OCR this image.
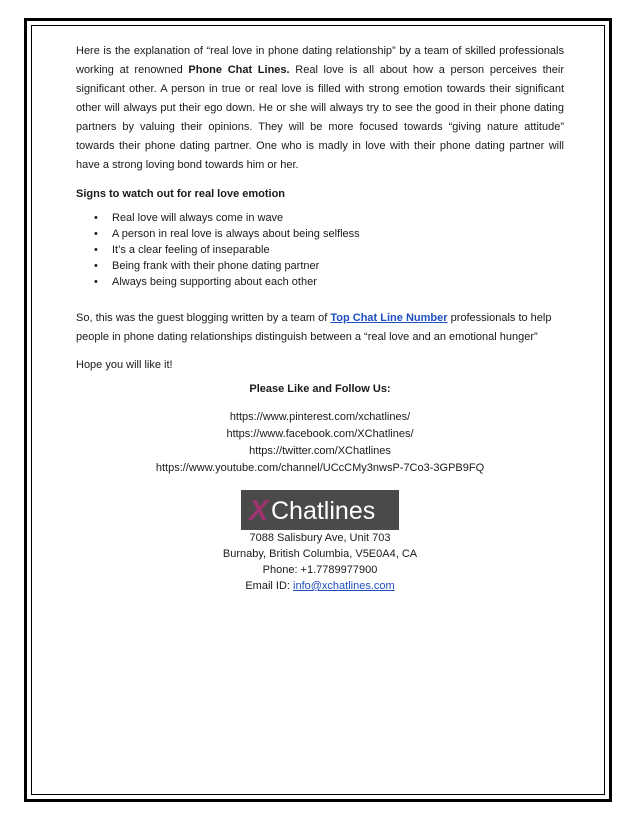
Here is the explanation of “real love in phone dating relationship” by a team of skilled professionals working at renowned Phone Chat Lines. Real love is all about how a person perceives their significant other. A person in true or real love is filled with strong emotion towards their significant other will always put their ego down. He or she will always try to see the good in their phone dating partners by valuing their opinions. They will be more focused towards “giving nature attitude” towards their phone dating partner. One who is madly in love with their phone dating partner will have a strong loving bond towards him or her.

Signs to watch out for real love emotion

• Real love will always come in wave
• A person in real love is always about being selfless
• It’s a clear feeling of inseparable
• Being frank with their phone dating partner
• Always being supporting about each other

So, this was the guest blogging written by a team of Top Chat Line Number professionals to help people in phone dating relationships distinguish between a “real love and an emotional hunger”

Hope you will like it!

Please Like and Follow Us:

https://www.pinterest.com/xchatlines/

https://www.facebook.com/XChatlines/

https://twitter.com/XChatlines

https://www.youtube.com/channel/UCcCMy3nwsP-7Co3-3GPB9FQ

X Chatlines

7088 Salisbury Ave, Unit 703

Burnaby, British Columbia, V5E0A4, CA

Phone: +1.7789977900

Email ID: info@xchatlines.com
